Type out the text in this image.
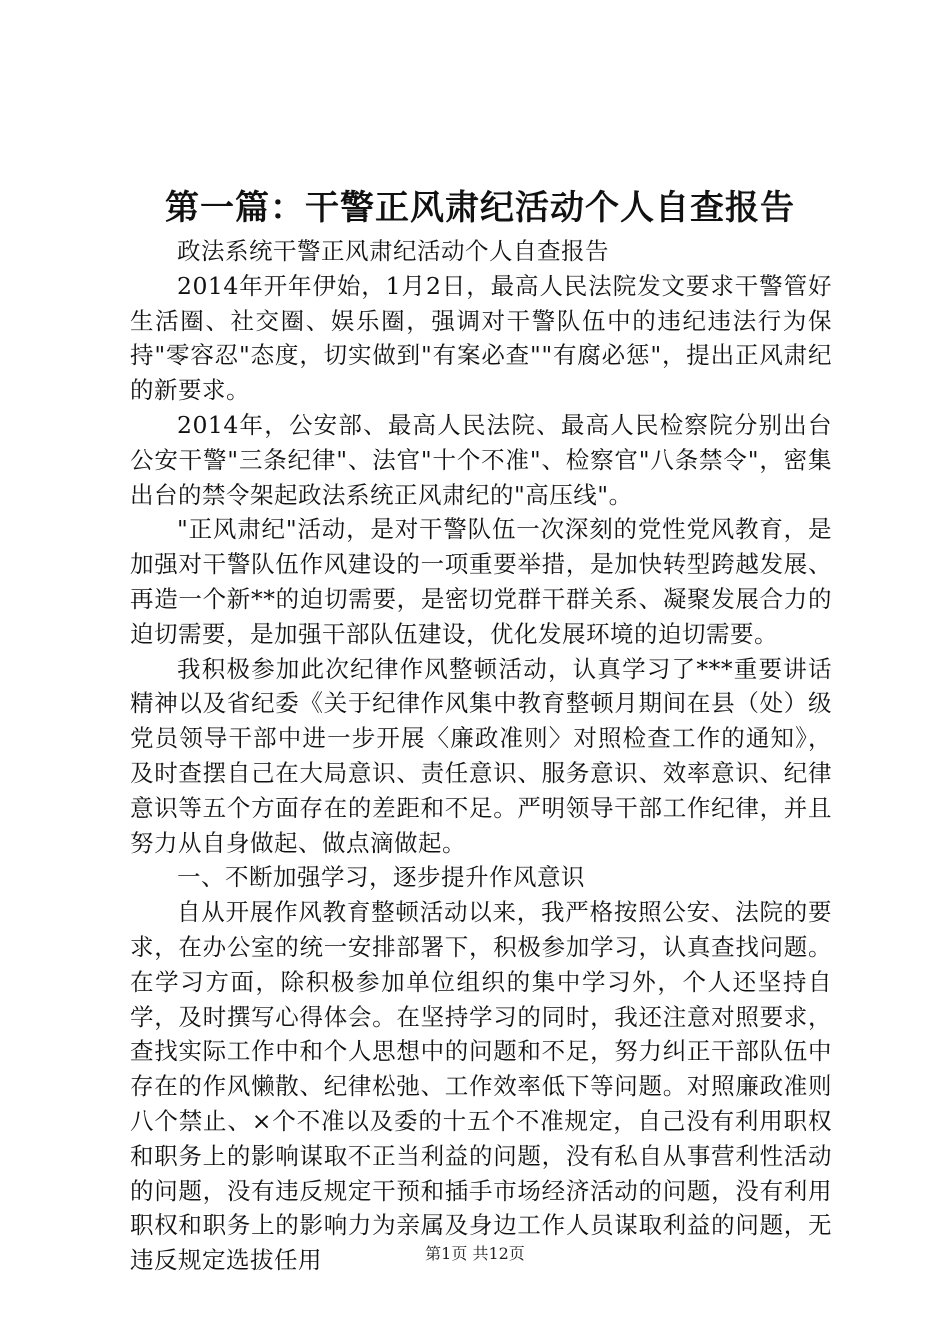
第一篇：干警正风肃纪活动个人自查报告

政法系统干警正风肃纪活动个人自查报告

2014年开年伊始，1月2日，最高人民法院发文要求干警管好生活圈、社交圈、娱乐圈，强调对干警队伍中的违纪违法行为保持"零容忍"态度，切实做到"有案必查""有腐必惩"，提出正风肃纪的新要求。

2014年，公安部、最高人民法院、最高人民检察院分别出台公安干警"三条纪律"、法官"十个不准"、检察官"八条禁令"，密集出台的禁令架起政法系统正风肃纪的"高压线"。

"正风肃纪"活动，是对干警队伍一次深刻的党性党风教育，是加强对干警队伍作风建设的一项重要举措，是加快转型跨越发展、再造一个新**的迫切需要，是密切党群干群关系、凝聚发展合力的迫切需要，是加强干部队伍建设，优化发展环境的迫切需要。

我积极参加此次纪律作风整顿活动，认真学习了***重要讲话精神以及省纪委《关于纪律作风集中教育整顿月期间在县（处）级党员领导干部中进一步开展〈廉政准则〉对照检查工作的通知》，及时查摆自己在大局意识、责任意识、服务意识、效率意识、纪律意识等五个方面存在的差距和不足。严明领导干部工作纪律，并且努力从自身做起、做点滴做起。

一、不断加强学习，逐步提升作风意识

自从开展作风教育整顿活动以来，我严格按照公安、法院的要求，在办公室的统一安排部署下，积极参加学习，认真查找问题。在学习方面，除积极参加单位组织的集中学习外，个人还坚持自学，及时撰写心得体会。在坚持学习的同时，我还注意对照要求，查找实际工作中和个人思想中的问题和不足，努力纠正干部队伍中存在的作风懒散、纪律松弛、工作效率低下等问题。对照廉政准则八个禁止、×个不准以及委的十五个不准规定，自己没有利用职权和职务上的影响谋取不正当利益的问题，没有私自从事营利性活动的问题，没有违反规定干预和插手市场经济活动的问题，没有利用职权和职务上的影响力为亲属及身边工作人员谋取利益的问题，无违反规定选拔任用	第1页 共12页
